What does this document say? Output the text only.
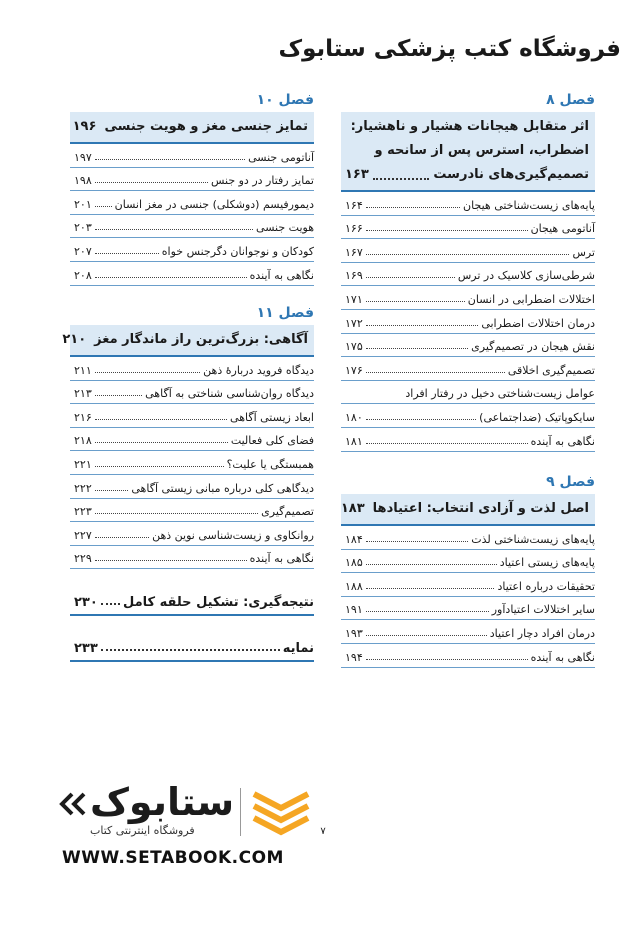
فروشگاه کتب پزشکی ستابوک
فصل ۸
اثر متقابل هیجانات هشیار و ناهشیار:
اضطراب، استرس پس از سانحه و
تصمیم‌گیری‌های نادرست
۱۶۳
پایه‌های زیست‌شناختی هیجان
۱۶۴
آناتومی هیجان
۱۶۶
ترس
۱۶۷
شرطی‌سازی کلاسیک در ترس
۱۶۹
اختلالات اضطرابی در انسان
۱۷۱
درمان اختلالات اضطرابی
۱۷۲
نقش هیجان در تصمیم‌گیری
۱۷۵
تصمیم‌گیری اخلاقی
۱۷۶
عوامل زیست‌شناختی دخیل در رفتار افراد
سایکوپاتیک (ضداجتماعی)
۱۸۰
نگاهی به آینده
۱۸۱
فصل ۹
اصل لذت و آزادی انتخاب: اعتیادها
۱۸۳
پایه‌های زیست‌شناختی لذت
۱۸۴
پایه‌های زیستی اعتیاد
۱۸۵
تحقیقات درباره اعتیاد
۱۸۸
سایر اختلالات اعتیادآور
۱۹۱
درمان افراد دچار اعتیاد
۱۹۳
نگاهی به آینده
۱۹۴
فصل ۱۰
تمایز جنسی مغز و هویت جنسی
۱۹۶
آناتومی جنسی
۱۹۷
تمایز رفتار در دو جنس
۱۹۸
دیمورفیسم (دوشکلی) جنسی در مغز انسان
۲۰۱
هویت جنسی
۲۰۳
کودکان و نوجوانان دگرجنس خواه
۲۰۷
نگاهی به آینده
۲۰۸
فصل ۱۱
آگاهی: بزرگ‌ترین راز ماندگار مغز
۲۱۰
دیدگاه فروید دربارهٔ ذهن
۲۱۱
دیدگاه روان‌شناسی شناختی به آگاهی
۲۱۳
ابعاد زیستی آگاهی
۲۱۶
فضای کلی فعالیت
۲۱۸
همبستگی یا علیت؟
۲۲۱
دیدگاهی کلی درباره مبانی زیستی آگاهی
۲۲۲
تصمیم‌گیری
۲۲۳
روانکاوی و زیست‌شناسی نوین ذهن
۲۲۷
نگاهی به آینده
۲۲۹
نتیجه‌گیری: تشکیل حلقه کامل
۲۳۰
نمایه
۲۳۳
۷
ستابوک
فروشگاه اینترنتی کتاب
WWW.SETABOOK.COM
